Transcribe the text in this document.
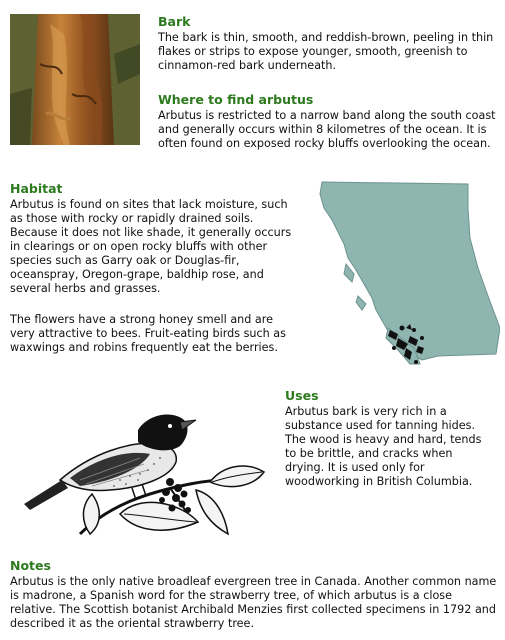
Bark

The bark is thin, smooth, and reddish-brown, peeling in thin flakes or strips to expose younger, smooth, greenish to cinnamon-red bark underneath.

Where to find arbutus

Arbutus is restricted to a narrow band along the south coast and generally occurs within 8 kilometres of the ocean. It is often found on exposed rocky bluffs overlooking the ocean.

Habitat

Arbutus is found on sites that lack moisture, such as those with rocky or rapidly drained soils. Because it does not like shade, it generally occurs in clearings or on open rocky bluffs with other species such as Garry oak or Douglas-fir, oceanspray, Oregon-grape, baldhip rose, and several herbs and grasses.

The flowers have a strong honey smell and are very attractive to bees. Fruit-eating birds such as waxwings and robins frequently eat the berries.

Uses

Arbutus bark is very rich in a substance used for tanning hides. The wood is heavy and hard, tends to be brittle, and cracks when drying. It is used only for woodworking in British Columbia.

Notes

Arbutus is the only native broadleaf evergreen tree in Canada. Another common name is madrone, a Spanish word for the strawberry tree, of which arbutus is a close relative. The Scottish botanist Archibald Menzies first collected specimens in 1792 and described it as the oriental strawberry tree.
